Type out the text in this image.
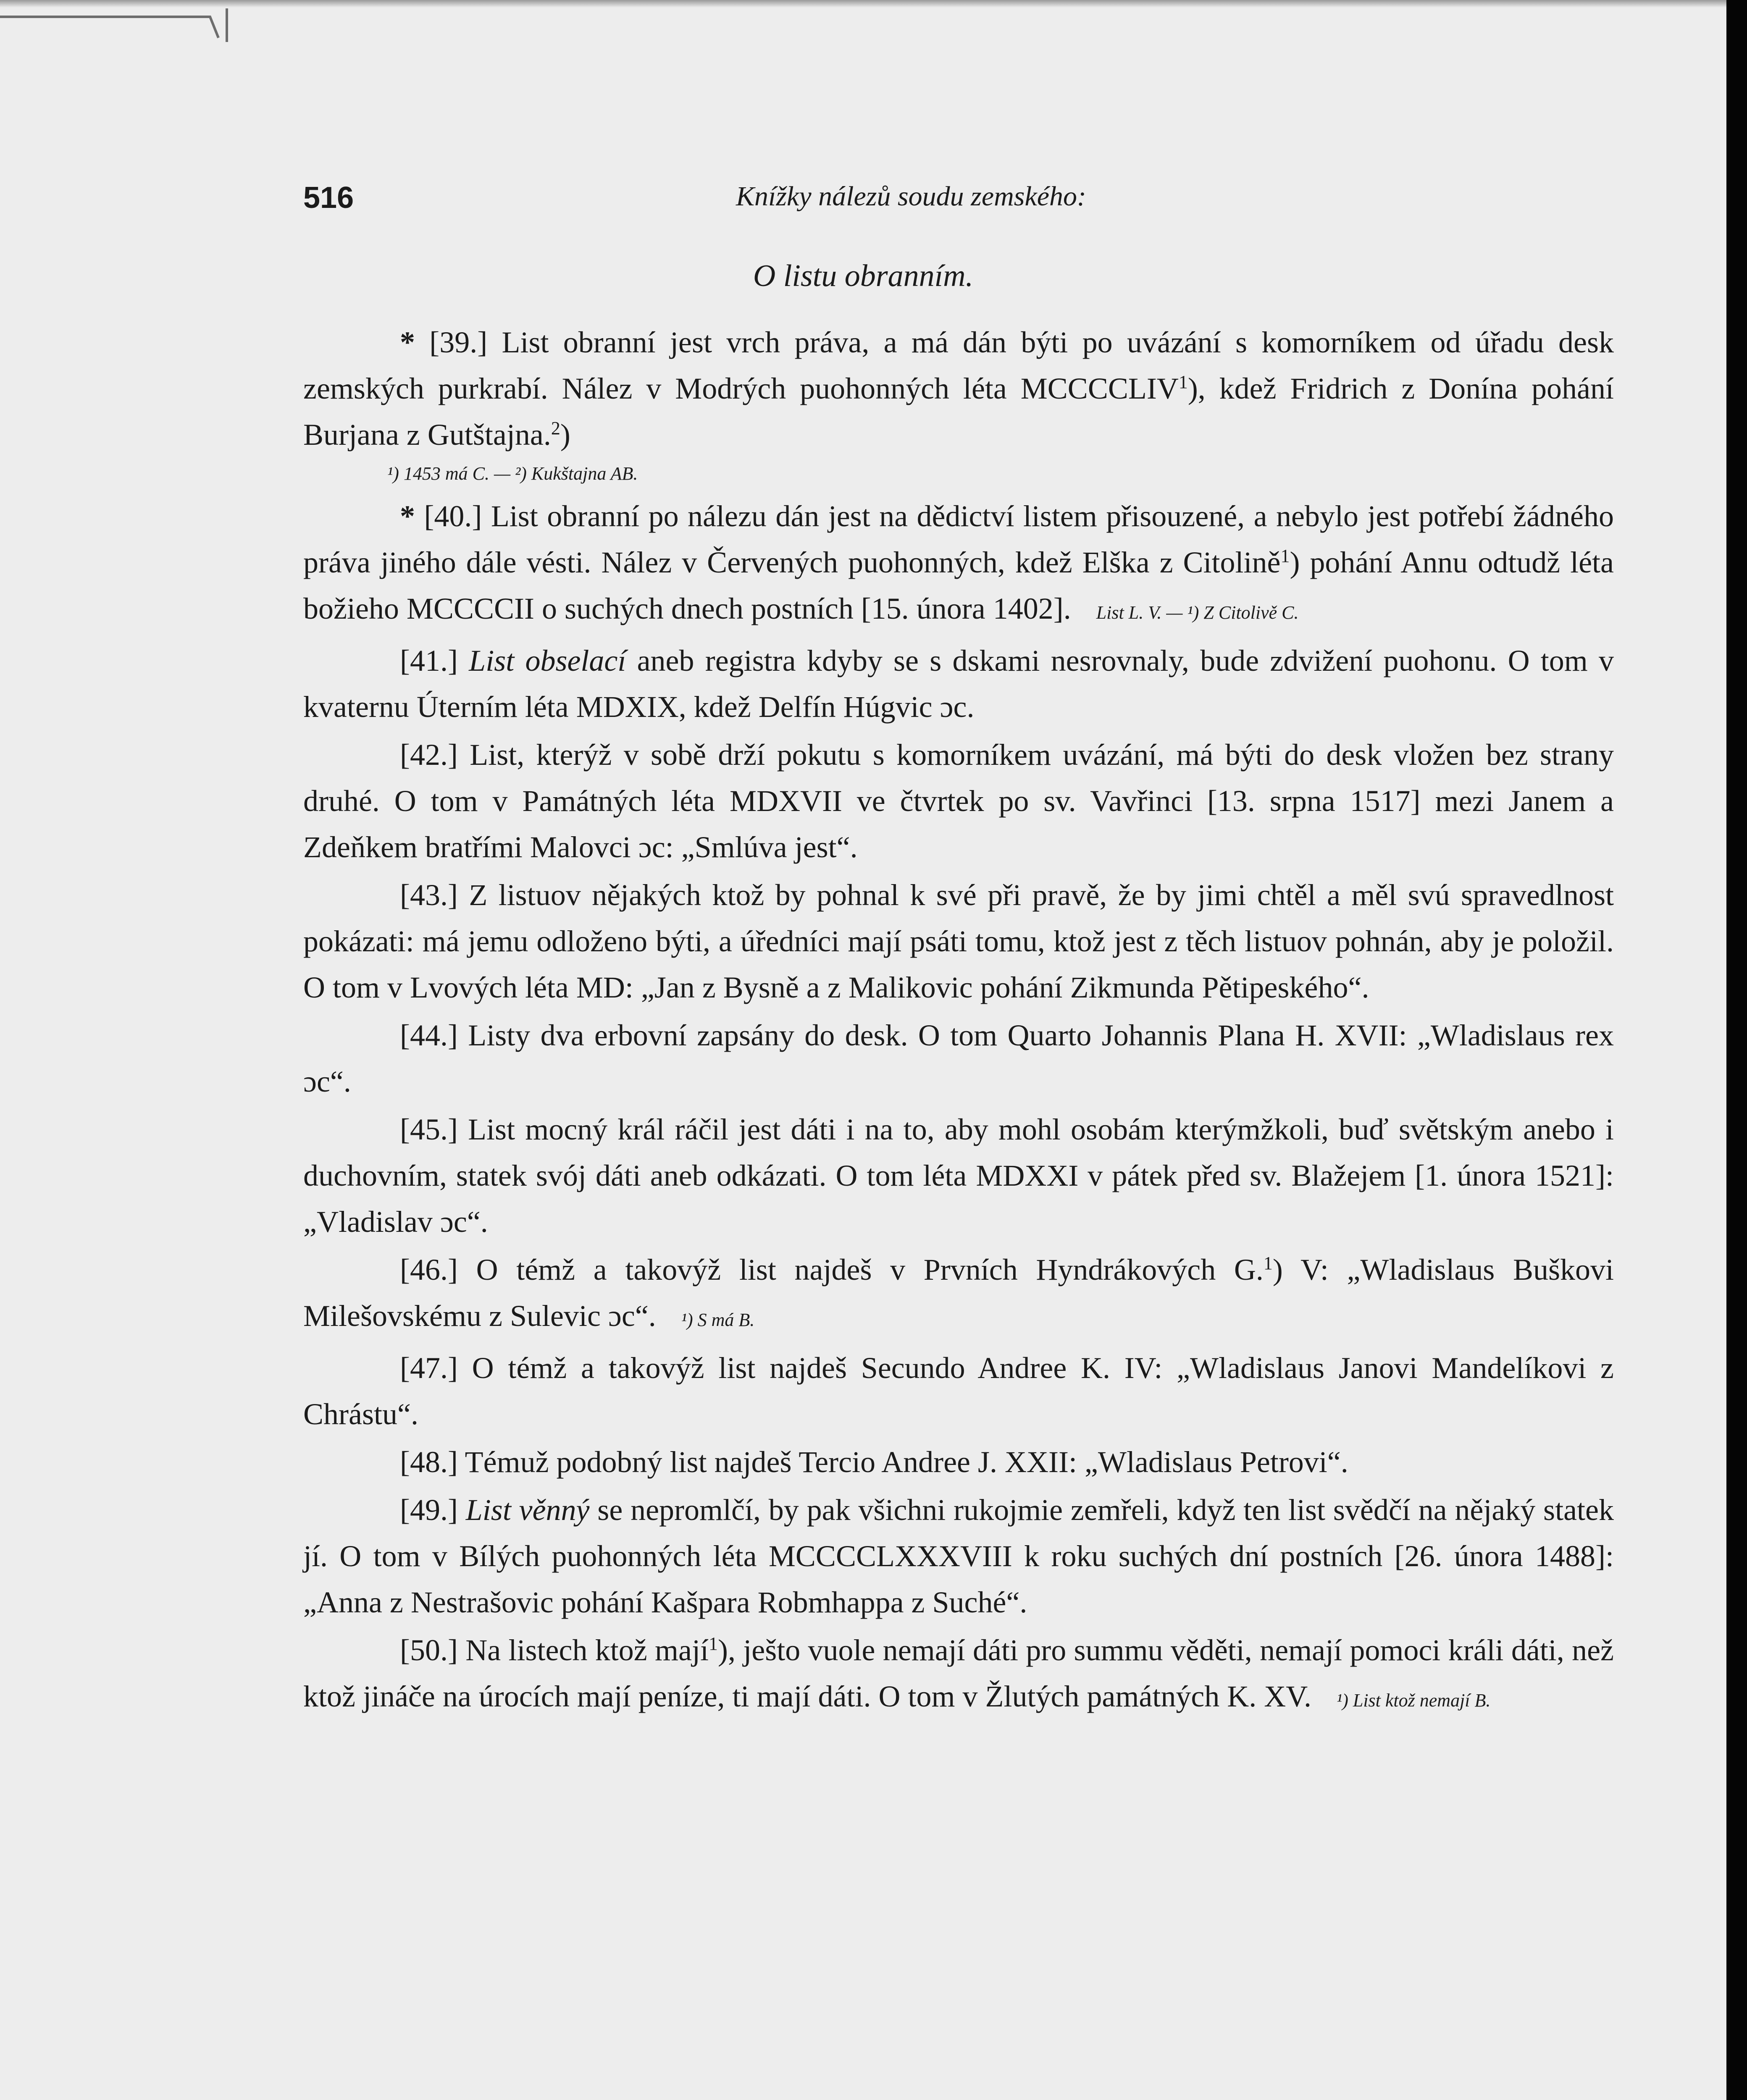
516	Knížky nálezů soudu zemského:
O listu obranním.

* [39.] List obranní jest vrch práva, a má dán býti po uvázání s komorníkem od úřadu desk zemských purkrabí. Nález v Modrých puohonných léta MCCCCLIV$^1$), kdež Fridrich z Donína pohání Burjana z Gutštajna.$^2$)

¹) 1453 má C. — ²) Kukštajna AB.

* [40.] List obranní po nálezu dán jest na dědictví listem přisouzené, a nebylo jest potřebí žádného práva jiného dále vésti. Nález v Červených puohonných, kdež Elška z Citolině$^1$) pohání Annu odtudž léta božieho MCCCCII o suchých dnech postních [15. února 1402]. List L. V. — ¹) Z Citolivě C.

[41.] List obselací aneb registra kdyby se s dskami nesrovnaly, bude zdvižení puohonu. O tom v kvaternu Úterním léta MDXIX, kdež Delfín Húgvic ɔc.

[42.] List, kterýž v sobě drží pokutu s komorníkem uvázání, má býti do desk vložen bez strany druhé. O tom v Památných léta MDXVII ve čtvrtek po sv. Vavřinci [13. srpna 1517] mezi Janem a Zdeňkem bratřími Malovci ɔc: „Smlúva jest“.

[43.] Z listuov nějakých ktož by pohnal k své při pravě, že by jimi chtěl a měl svú spravedlnost pokázati: má jemu odloženo býti, a úředníci mají psáti tomu, ktož jest z těch listuov pohnán, aby je položil. O tom v Lvových léta MD: „Jan z Bysně a z Malikovic pohání Zikmunda Pětipeského“.

[44.] Listy dva erbovní zapsány do desk. O tom Quarto Johannis Plana H. XVII: „Wladislaus rex ɔc“.

[45.] List mocný král ráčil jest dáti i na to, aby mohl osobám kterýmžkoli, buď světským anebo i duchovním, statek svój dáti aneb odkázati. O tom léta MDXXI v pátek před sv. Blažejem [1. února 1521]: „Vladislav ɔc“.

[46.] O témž a takovýž list najdeš v Prvních Hyndrákových G.$^1$) V: „Wladislaus Buškovi Milešovskému z Sulevic ɔc“. ¹) S má B.

[47.] O témž a takovýž list najdeš Secundo Andree K. IV: „Wladislaus Janovi Mandelíkovi z Chrástu“.

[48.] Témuž podobný list najdeš Tercio Andree J. XXII: „Wladislaus Petrovi“.

[49.] List věnný se nepromlčí, by pak všichni rukojmie zemřeli, když ten list svědčí na nějaký statek jí. O tom v Bílých puohonných léta MCCCCLXXXVIII k roku suchých dní postních [26. února 1488]: „Anna z Nestrašovic pohání Kašpara Robmhappa z Suché“.

[50.] Na listech ktož mají$^1$), ješto vuole nemají dáti pro summu věděti, nemají pomoci králi dáti, než ktož jináče na úrocích mají peníze, ti mají dáti. O tom v Žlutých památných K. XV. ¹) List ktož nemají B.
